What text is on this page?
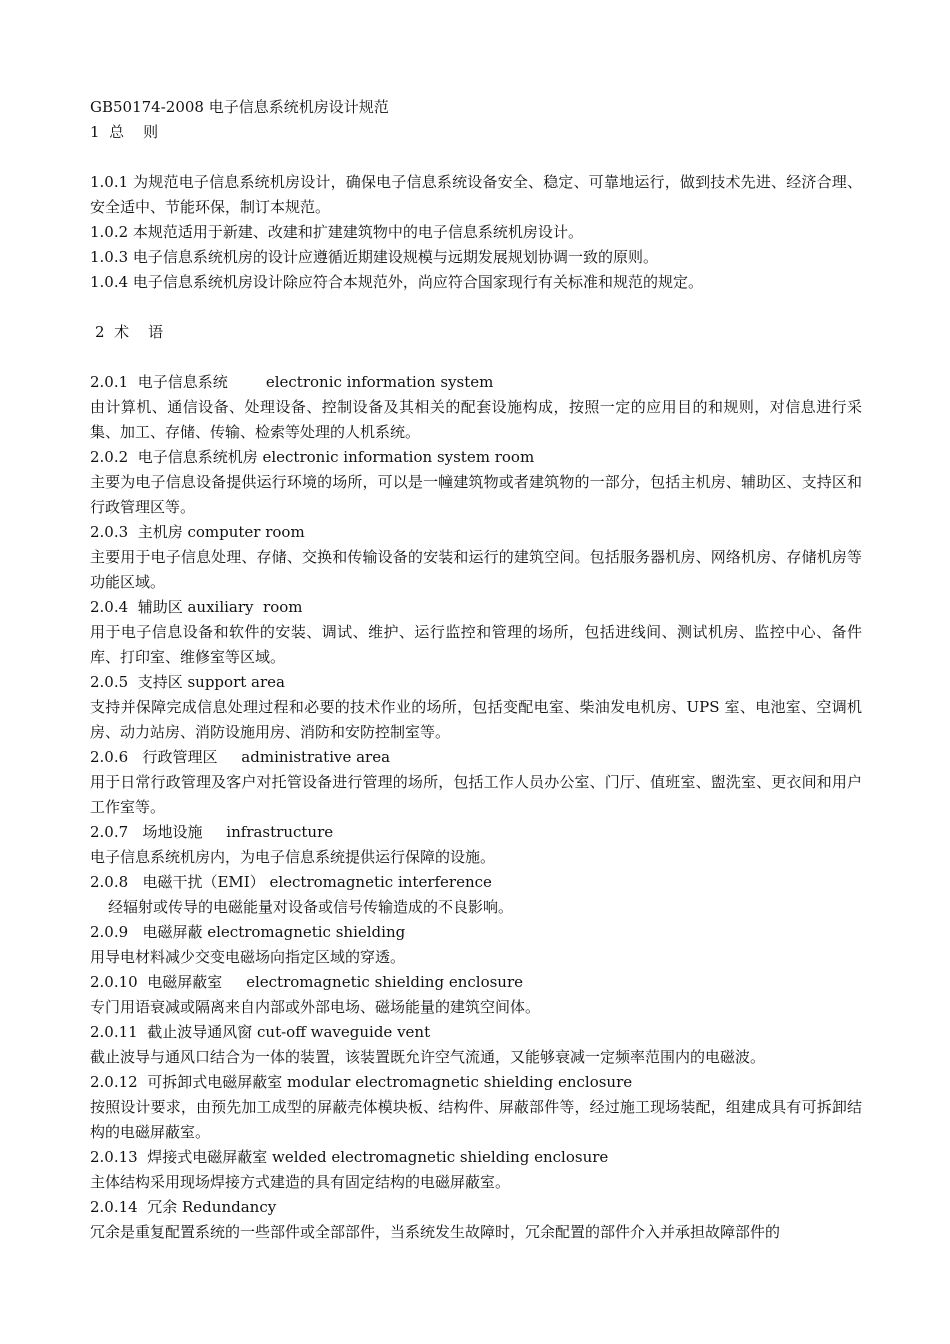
GB50174-2008 电子信息系统机房设计规范
1  总    则

1.0.1 为规范电子信息系统机房设计，确保电子信息系统设备安全、稳定、可靠地运行，做到技术先进、经济合理、安全适中、节能环保，制订本规范。

1.0.2 本规范适用于新建、改建和扩建建筑物中的电子信息系统机房设计。

1.0.3 电子信息系统机房的设计应遵循近期建设规模与远期发展规划协调一致的原则。

1.0.4 电子信息系统机房设计除应符合本规范外，尚应符合国家现行有关标准和规范的规定。

2  术    语
2.0.1  电子信息系统        electronic information system

由计算机、通信设备、处理设备、控制设备及其相关的配套设施构成，按照一定的应用目的和规则，对信息进行采集、加工、存储、传输、检索等处理的人机系统。

2.0.2  电子信息系统机房 electronic information system room

主要为电子信息设备提供运行环境的场所，可以是一幢建筑物或者建筑物的一部分，包括主机房、辅助区、支持区和行政管理区等。

2.0.3  主机房 computer room

主要用于电子信息处理、存储、交换和传输设备的安装和运行的建筑空间。包括服务器机房、网络机房、存储机房等功能区域。

2.0.4  辅助区 auxiliary  room

用于电子信息设备和软件的安装、调试、维护、运行监控和管理的场所，包括进线间、测试机房、监控中心、备件库、打印室、维修室等区域。

2.0.5  支持区 support area

支持并保障完成信息处理过程和必要的技术作业的场所，包括变配电室、柴油发电机房、UPS 室、电池室、空调机房、动力站房、消防设施用房、消防和安防控制室等。

2.0.6   行政管理区     administrative area

用于日常行政管理及客户对托管设备进行管理的场所，包括工作人员办公室、门厅、值班室、盥洗室、更衣间和用户工作室等。

2.0.7   场地设施     infrastructure

电子信息系统机房内，为电子信息系统提供运行保障的设施。

2.0.8   电磁干扰（EMI） electromagnetic interference

经辐射或传导的电磁能量对设备或信号传输造成的不良影响。

2.0.9   电磁屏蔽 electromagnetic shielding

用导电材料减少交变电磁场向指定区域的穿透。

2.0.10  电磁屏蔽室     electromagnetic shielding enclosure

专门用语衰减或隔离来自内部或外部电场、磁场能量的建筑空间体。

2.0.11  截止波导通风窗 cut-off waveguide vent

截止波导与通风口结合为一体的装置，该装置既允许空气流通，又能够衰减一定频率范围内的电磁波。

2.0.12  可拆卸式电磁屏蔽室 modular electromagnetic shielding enclosure

按照设计要求，由预先加工成型的屏蔽壳体模块板、结构件、屏蔽部件等，经过施工现场装配，组建成具有可拆卸结构的电磁屏蔽室。

2.0.13  焊接式电磁屏蔽室 welded electromagnetic shielding enclosure

主体结构采用现场焊接方式建造的具有固定结构的电磁屏蔽室。

2.0.14  冗余 Redundancy

冗余是重复配置系统的一些部件或全部部件，当系统发生故障时，冗余配置的部件介入并承担故障部件的
